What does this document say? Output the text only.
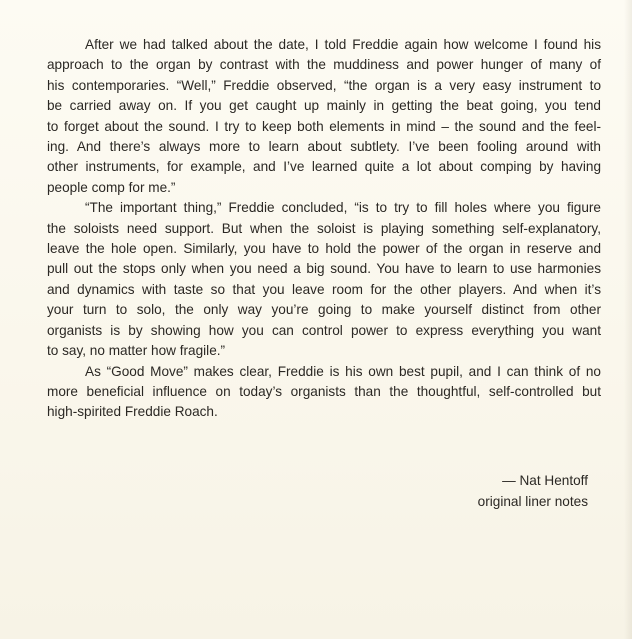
After we had talked about the date, I told Freddie again how welcome I found his
approach to the organ by contrast with the muddiness and power hunger of many of
his contemporaries. “Well,” Freddie observed, “the organ is a very easy instrument to
be carried away on. If you get caught up mainly in getting the beat going, you tend
to forget about the sound. I try to keep both elements in mind – the sound and the feel-
ing. And there’s always more to learn about subtlety. I’ve been fooling around with
other instruments, for example, and I’ve learned quite a lot about comping by having
people comp for me.”
“The important thing,” Freddie concluded, “is to try to fill holes where you figure
the soloists need support. But when the soloist is playing something self-explanatory,
leave the hole open. Similarly, you have to hold the power of the organ in reserve and
pull out the stops only when you need a big sound. You have to learn to use harmonies
and dynamics with taste so that you leave room for the other players. And when it’s
your turn to solo, the only way you’re going to make yourself distinct from other
organists is by showing how you can control power to express everything you want
to say, no matter how fragile.”
As “Good Move” makes clear, Freddie is his own best pupil, and I can think of no
more beneficial influence on today’s organists than the thoughtful, self-controlled but
high-spirited Freddie Roach.
— Nat Hentoff
original liner notes
